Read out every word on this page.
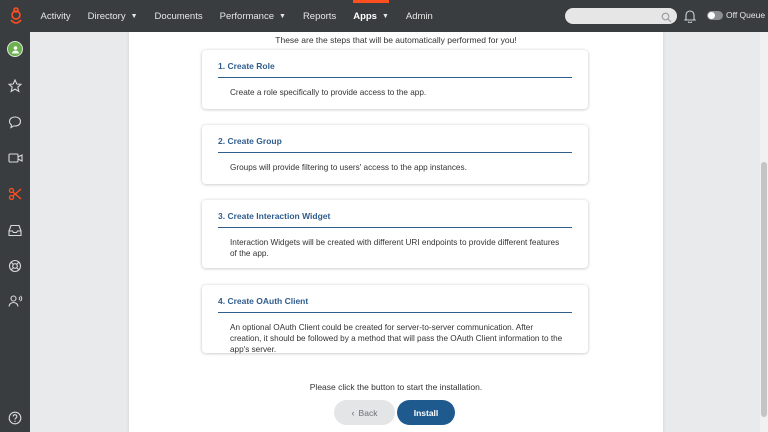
Activity Directory ▼ Documents Performance ▼ Reports Apps ▼ Admin	Off Queue
These are the steps that will be automatically performed for you!
1. Create Role
Create a role specifically to provide access to the app.
2. Create Group
Groups will provide filtering to users' access to the app instances.
3. Create Interaction Widget
Interaction Widgets will be created with different URI endpoints to provide different features of the app.
4. Create OAuth Client
An optional OAuth Client could be created for server-to-server communication. After creation, it should be followed by a method that will pass the OAuth Client information to the app's server.
Please click the button to start the installation.
‹ Back	Install
